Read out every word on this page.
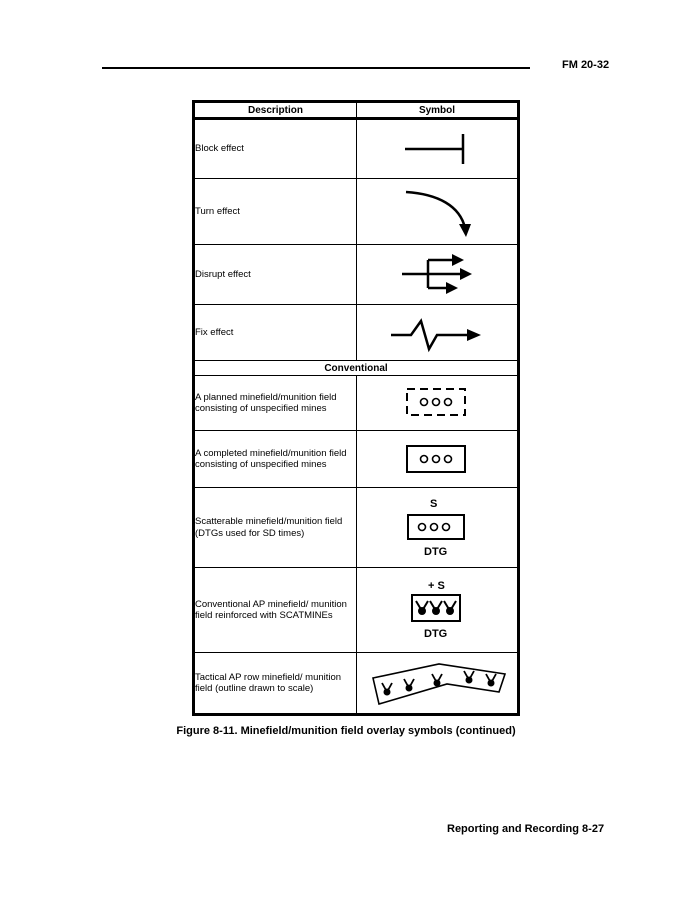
FM 20-32
Description	Symbol
Block effect	

Turn effect	

Disrupt effect	

Fix effect	

Conventional	
A planned minefield/munition field consisting of unspecified mines	

A completed minefield/munition field consisting of unspecified mines	

Scatterable minefield/munition field (DTGs used for SD times)	S
DTG

Conventional AP minefield/ munition field reinforced with SCATMINEs	+ S
DTG

Tactical AP row minefield/ munition field (outline drawn to scale)	
Figure 8-11. Minefield/munition field overlay symbols (continued)
Reporting and Recording 8-27
